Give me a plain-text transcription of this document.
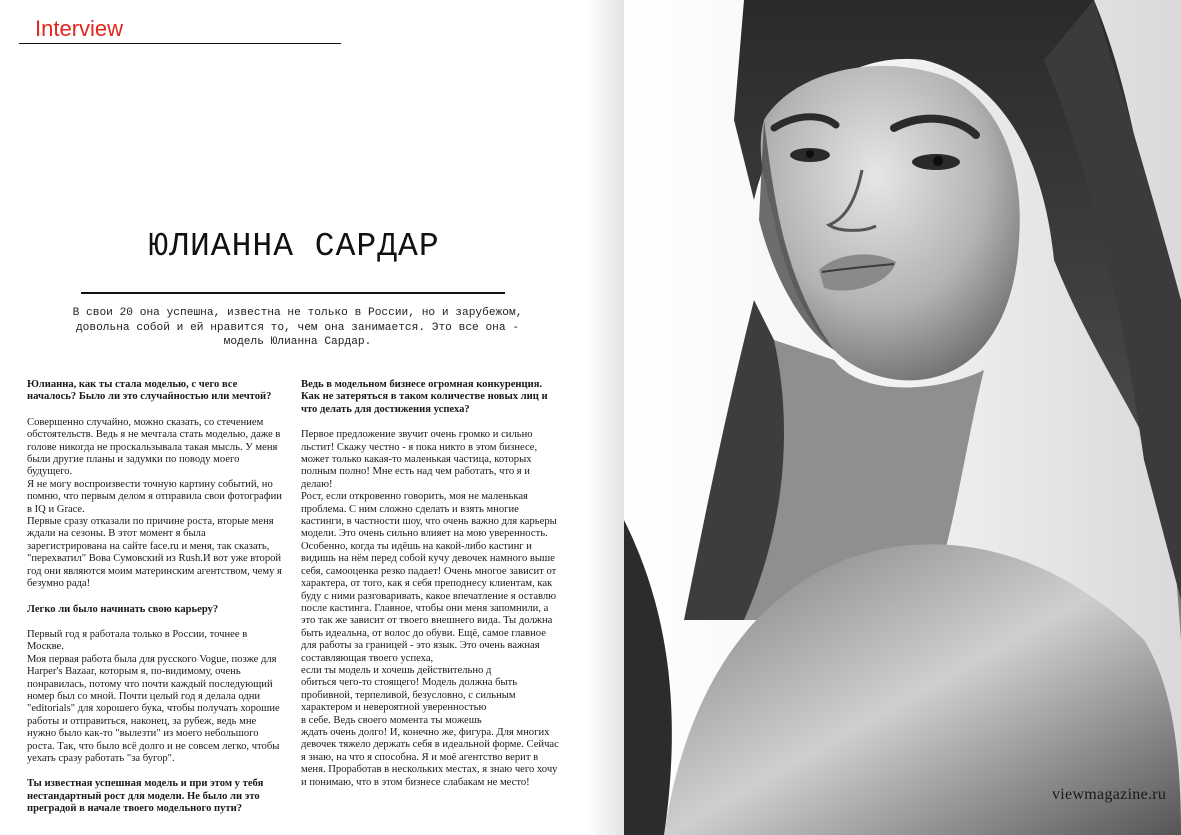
Interview
ЮЛИАННА САРДАР
В свои 20 она успешна, известна не только в России, но и зарубежом, довольна собой и ей нравится то, чем она занимается. Это все она - модель Юлианна Сардар.

Юлианна, как ты стала моделью, с чего все началось? Было ли это случайностью или мечтой?

Совершенно случайно, можно сказать, со стечением обстоятельств. Ведь я не мечтала стать моделью, даже в голове никогда не проскальзывала такая мысль. У меня были другие планы и задумки по поводу моего будущего.
Я не могу воспроизвести точную картину событий, но помню, что первым делом я отправила свои фотографии в IQ и Grace.
Первые сразу отказали по причине роста, вторые меня ждали на сезоны. В этот момент я была зарегистрирована на сайте face.ru и меня, так сказать, "перехватил" Вова Сумовский из Rush.И вот уже второй год они являются моим материнским агентством, чему я безумно рада!

Легко ли было начинать свою карьеру?

Первый год я работала только в России, точнее в Москве.
Моя первая работа была для русского Vogue, позже для Harper's Bazaar, которым я, по-видимому, очень понравилась, потому что почти каждый последующий номер был со мной. Почти целый год я делала одни "editorials" для хорошего бука, чтобы получать хорошие работы и отправиться, наконец, за рубеж, ведь мне нужно было как-то "вылезти" из моего небольшого роста. Так, что было всё долго и не совсем легко, чтобы уехать сразу работать "за бугор".

Ты известная успешная модель и при этом у тебя нестандартный рост для модели. Не было ли это преградой в начале твоего модельного пути?

Ведь в модельном бизнесе огромная конкуренция. Как не затеряться в таком количестве новых лиц и что делать для достижения успеха?

Первое предложение звучит очень громко и сильно льстит! Скажу честно - я пока никто в этом бизнесе, может только какая-то маленькая частица, которых полным полно! Мне есть над чем работать, что я и делаю!
Рост, если откровенно говорить, моя не маленькая проблема. С ним сложно сделать и взять многие кастинги, в частности шоу, что очень важно для карьеры модели. Это очень сильно влияет на мою уверенность. Особенно, когда ты идёшь на какой-либо кастинг и видишь на нём перед собой кучу девочек намного выше себя, самооценка резко падает! Очень многое зависит от характера, от того, как я себя преподнесу клиентам, как буду с ними разговаривать, какое впечатление я оставлю после кастинга. Главное, чтобы они меня запомнили, а это так же зависит от твоего внешнего вида. Ты должна
быть идеальна, от волос до обуви. Ещё, самое главное для работы за границей - это язык. Это очень важная составляющая твоего успеха,
если ты модель и хочешь действительно д
обиться чего-то стоящего! Модель должна быть пробивной, терпеливой, безусловно, с сильным характером и невероятной уверенностью
в себе. Ведь своего момента ты можешь
ждать очень долго! И, конечно же, фигура. Для многих девочек тяжело держать себя в идеальной форме. Сейчас я знаю, на что я способна. Я и моё агентство верит в меня. Проработав в нескольких местах, я знаю чего хочу и понимаю, что в этом бизнесе слабакам не место!

viewmagazine.ru
